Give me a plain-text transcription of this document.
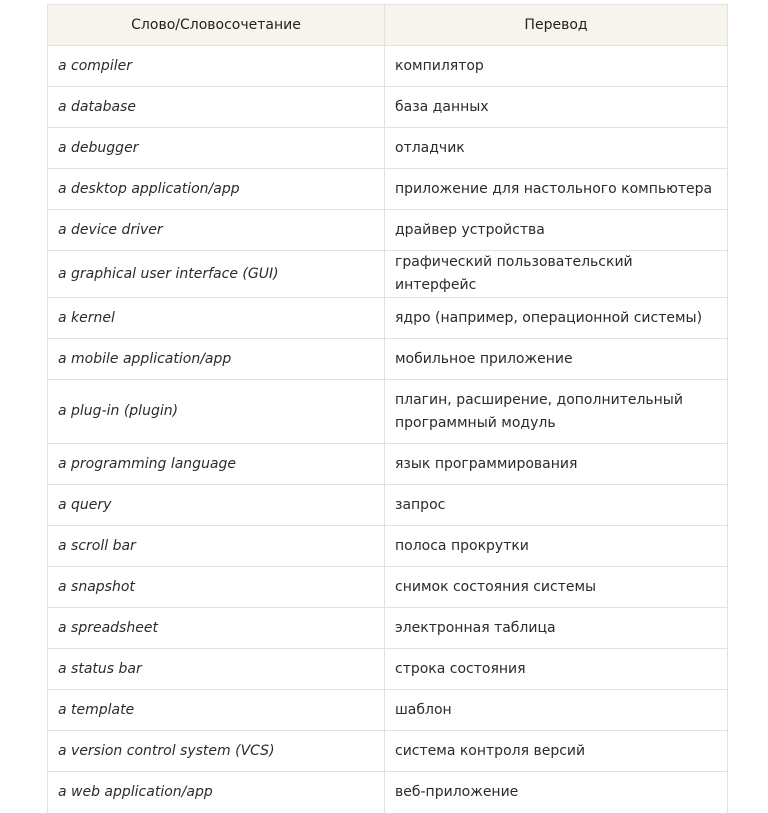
Слово/Словосочетание	Перевод
a compiler	компилятор
a database	база данных
a debugger	отладчик
a desktop application/app	приложение для настольного компьютера
a device driver	драйвер устройства
a graphical user interface (GUI)	графический пользовательский интерфейс
a kernel	ядро (например, операционной системы)
a mobile application/app	мобильное приложение
a plug-in (plugin)	плагин, расширение, дополнительный программный модуль
a programming language	язык программирования
a query	запрос
a scroll bar	полоса прокрутки
a snapshot	снимок состояния системы
a spreadsheet	электронная таблица
a status bar	строка состояния
a template	шаблон
a version control system (VCS)	система контроля версий
a web application/app	веб-приложение
